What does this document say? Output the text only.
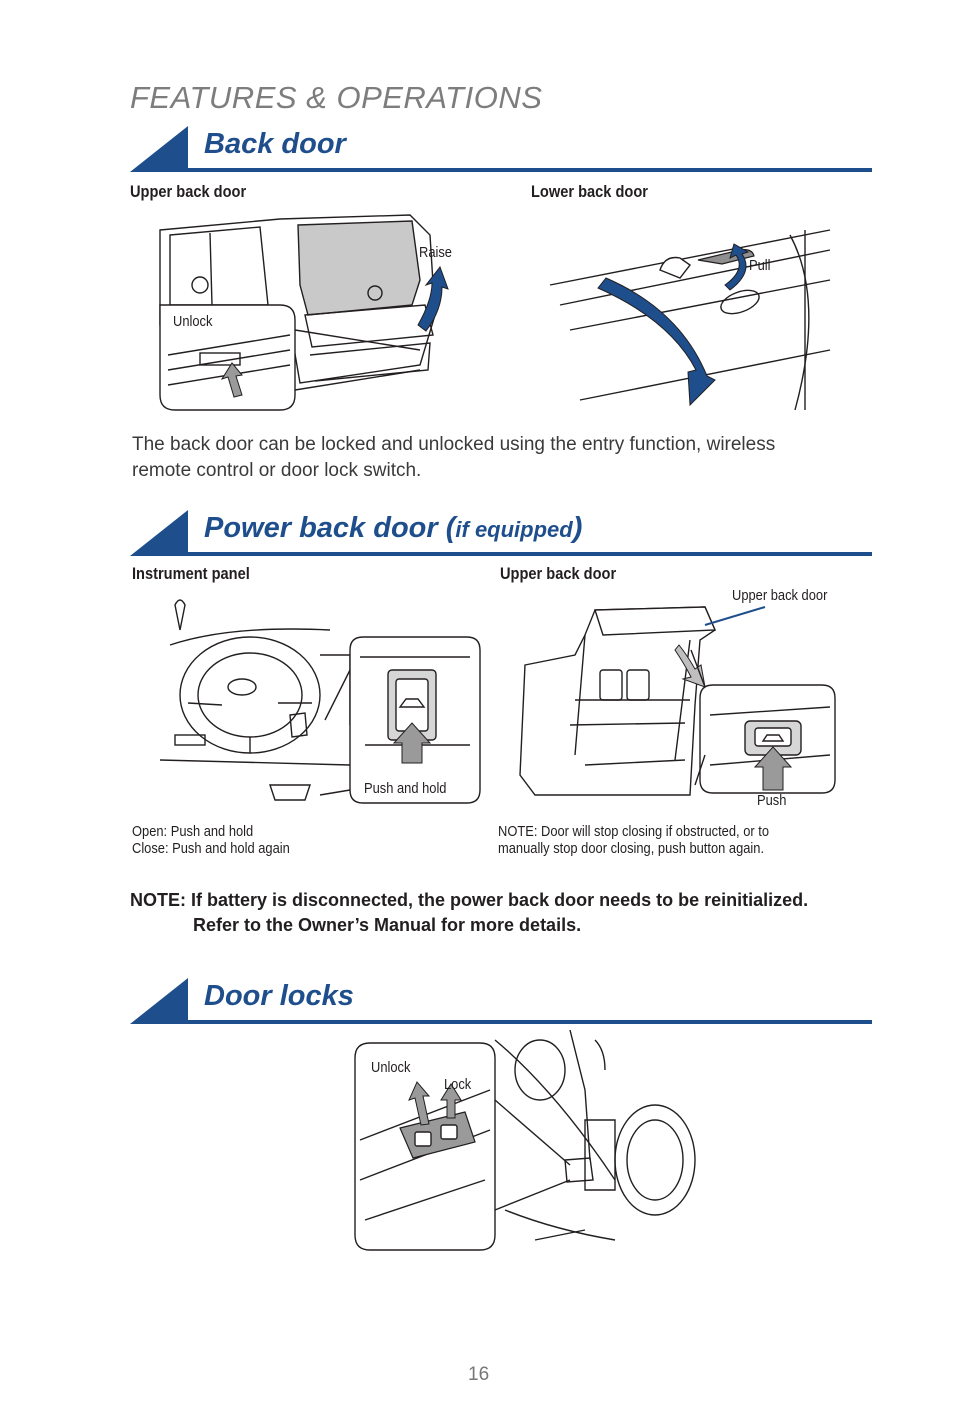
FEATURES & OPERATIONS
Back door
Upper back door	Lower back door
Raise
Unlock
Pull
The back door can be locked and unlocked using the entry function, wireless
remote control or door lock switch.
Power back door (if equipped)
Instrument panel	Upper back door
Push and hold
Upper back door
Push
Open: Push and hold
Close: Push and hold again
NOTE: Door will stop closing if obstructed, or to
manually stop door closing, push button again.
NOTE: If battery is disconnected, the power back door needs to be reinitialized.
Refer to the Owner’s Manual for more details.
Door locks
Unlock
Lock
16
